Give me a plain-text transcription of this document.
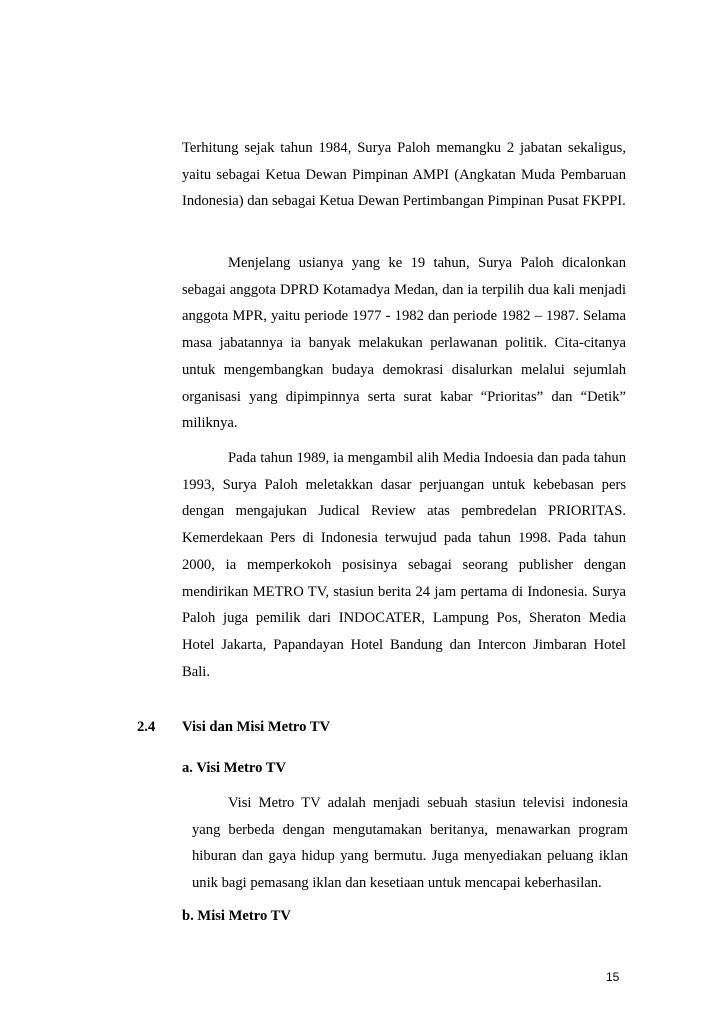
Terhitung sejak tahun 1984, Surya Paloh memangku 2 jabatan sekaligus, yaitu sebagai Ketua Dewan Pimpinan AMPI (Angkatan Muda Pembaruan Indonesia) dan sebagai Ketua Dewan Pertimbangan Pimpinan Pusat FKPPI.

Menjelang usianya yang ke 19 tahun, Surya Paloh dicalonkan sebagai anggota DPRD Kotamadya Medan, dan ia terpilih dua kali menjadi anggota MPR, yaitu periode 1977 - 1982 dan periode 1982 – 1987. Selama masa jabatannya ia banyak melakukan perlawanan politik. Cita-citanya untuk mengembangkan budaya demokrasi disalurkan melalui sejumlah organisasi yang dipimpinnya serta surat kabar “Prioritas” dan “Detik” miliknya.

Pada tahun 1989, ia mengambil alih Media Indoesia dan pada tahun 1993, Surya Paloh meletakkan dasar perjuangan untuk kebebasan pers dengan mengajukan Judical Review atas pembredelan PRIORITAS. Kemerdekaan Pers di Indonesia terwujud pada tahun 1998. Pada tahun 2000, ia memperkokoh posisinya sebagai seorang publisher dengan mendirikan METRO TV, stasiun berita 24 jam pertama di Indonesia. Surya Paloh juga pemilik dari INDOCATER, Lampung Pos, Sheraton Media Hotel Jakarta, Papandayan Hotel Bandung dan Intercon Jimbaran Hotel Bali.

2.4 Visi dan Misi Metro TV

a. Visi Metro TV

Visi Metro TV adalah menjadi sebuah stasiun televisi indonesia yang berbeda dengan mengutamakan beritanya, menawarkan program hiburan dan gaya hidup yang bermutu. Juga menyediakan peluang iklan unik bagi pemasang iklan dan kesetiaan untuk mencapai keberhasilan.

b. Misi Metro TV

15
